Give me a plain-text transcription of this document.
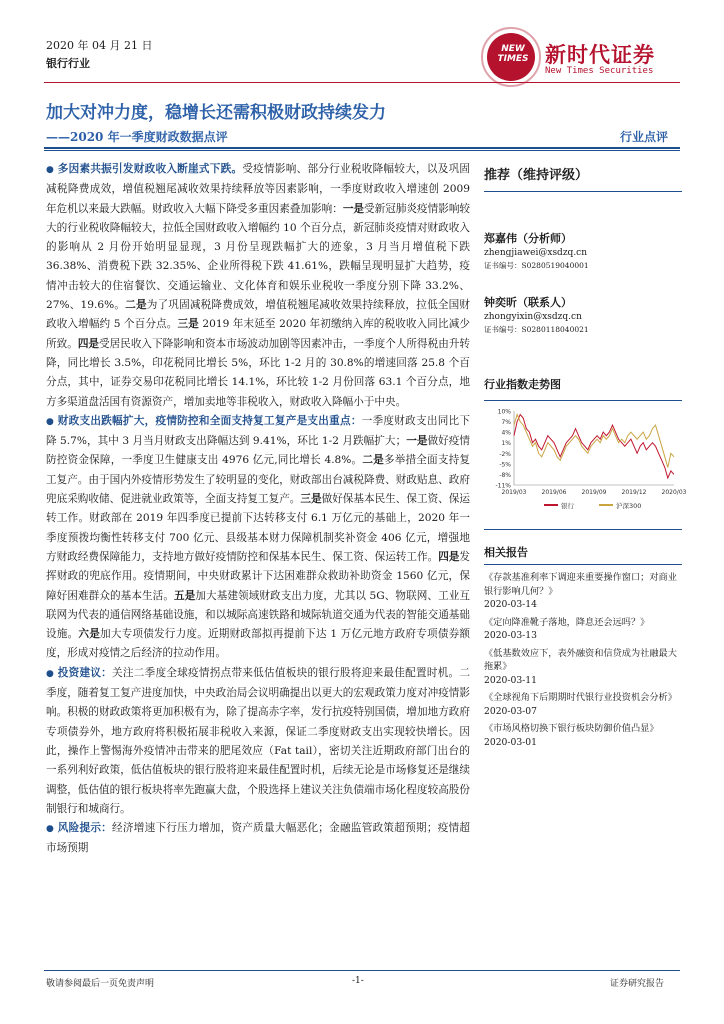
2020 年 04 月 21 日
银行行业
NEW TIMES 新时代证券
New Times Securities
加大对冲力度，稳增长还需积极财政持续发力
——2020 年一季度财政数据点评	行业点评

● 多因素共振引发财政收入断崖式下跌。受疫情影响、部分行业税收降幅较大，以及巩固减税降费成效，增值税翘尾减收效果持续释放等因素影响，一季度财政收入增速创 2009 年危机以来最大跌幅。财政收入大幅下降受多重因素叠加影响：一是受新冠肺炎疫情影响较大的行业税收降幅较大，拉低全国财政收入增幅约 10 个百分点，新冠肺炎疫情对财政收入的影响从 2 月份开始明显显现，3 月份呈现跌幅扩大的迹象，3 月当月增值税下跌 36.38%、消费税下跌 32.35%、企业所得税下跌 41.61%，跌幅呈现明显扩大趋势，疫情冲击较大的住宿餐饮、交通运输业、文化体育和娱乐业税收一季度分别下降 33.2%、27%、19.6%。二是为了巩固减税降费成效，增值税翘尾减收效果持续释放，拉低全国财政收入增幅约 5 个百分点。三是 2019 年末延至 2020 年初缴纳入库的税收收入同比减少所致。四是受居民收入下降影响和资本市场波动加剧等因素冲击，一季度个人所得税由升转降，同比增长 3.5%，印花税同比增长 5%，环比 1-2 月的 30.8%的增速回落 25.8 个百分点，其中，证券交易印花税同比增长 14.1%，环比较 1-2 月份回落 63.1 个百分点，地方多渠道盘活国有资源资产，增加卖地等非税收入，财政收入降幅小于中央。

● 财政支出跌幅扩大，疫情防控和全面支持复工复产是支出重点：一季度财政支出同比下降 5.7%，其中 3 月当月财政支出降幅达到 9.41%，环比 1-2 月跌幅扩大；一是做好疫情防控资金保障，一季度卫生健康支出 4976 亿元,同比增长 4.8%。二是多举措全面支持复工复产。由于国内外疫情形势发生了较明显的变化，财政部出台减税降费、财政贴息、政府兜底采购收储、促进就业政策等，全面支持复工复产。三是做好保基本民生、保工资、保运转工作。财政部在 2019 年四季度已提前下达转移支付 6.1 万亿元的基础上，2020 年一季度预拨均衡性转移支付 700 亿元、县级基本财力保障机制奖补资金 406 亿元，增强地方财政经费保障能力，支持地方做好疫情防控和保基本民生、保工资、保运转工作。四是发挥财政的兜底作用。疫情期间，中央财政累计下达困难群众救助补助资金 1560 亿元，保障好困难群众的基本生活。五是加大基建领域财政支出力度，尤其以 5G、物联网、工业互联网为代表的通信网络基础设施，和以城际高速铁路和城际轨道交通为代表的智能交通基础设施。六是加大专项债发行力度。近期财政部拟再提前下达 1 万亿元地方政府专项债券额度，形成对疫情之后经济的拉动作用。

● 投资建议：关注二季度全球疫情拐点带来低估值板块的银行股将迎来最佳配置时机。二季度，随着复工复产进度加快，中央政治局会议明确提出以更大的宏观政策力度对冲疫情影响。积极的财政政策将更加积极有为，除了提高赤字率，发行抗疫特别国债，增加地方政府专项债券外，地方政府将积极拓展非税收入来源，保证二季度财政支出实现较快增长。因此，操作上警惕海外疫情冲击带来的肥尾效应（Fat tail），密切关注近期政府部门出台的一系列利好政策，低估值板块的银行股将迎来最佳配置时机，后续无论是市场修复还是继续调整，低估值的银行板块将率先跑赢大盘，个股选择上建议关注负债端市场化程度较高股份制银行和城商行。

● 风险提示：经济增速下行压力增加，资产质量大幅恶化；金融监管政策超预期；疫情超市场预期

推荐（维持评级）
郑嘉伟（分析师）
zhengjiawei@xsdzq.cn
证书编号：S0280519040001
钟奕昕（联系人）
zhongyixin@xsdzq.cn
证书编号：S0280118040021
行业指数走势图
10%
7%
4%
1%
-2%
-5%
-8%
-11%
2019/03	2019/06	2019/09	2019/12	2020/03
银行	沪深300
相关报告
《存款基准利率下调迎来重要操作窗口；对商业银行影响几何？》
2020-03-14
《定向降准靴子落地，降息还会远吗？》
2020-03-13
《低基数效应下，表外融资和信贷成为社融最大拖累》
2020-03-11
《全球视角下后期期时代银行业投资机会分析》
2020-03-07
《市场风格切换下银行板块防御价值凸显》
2020-03-01
敬请参阅最后一页免责声明	-1-	证券研究报告
